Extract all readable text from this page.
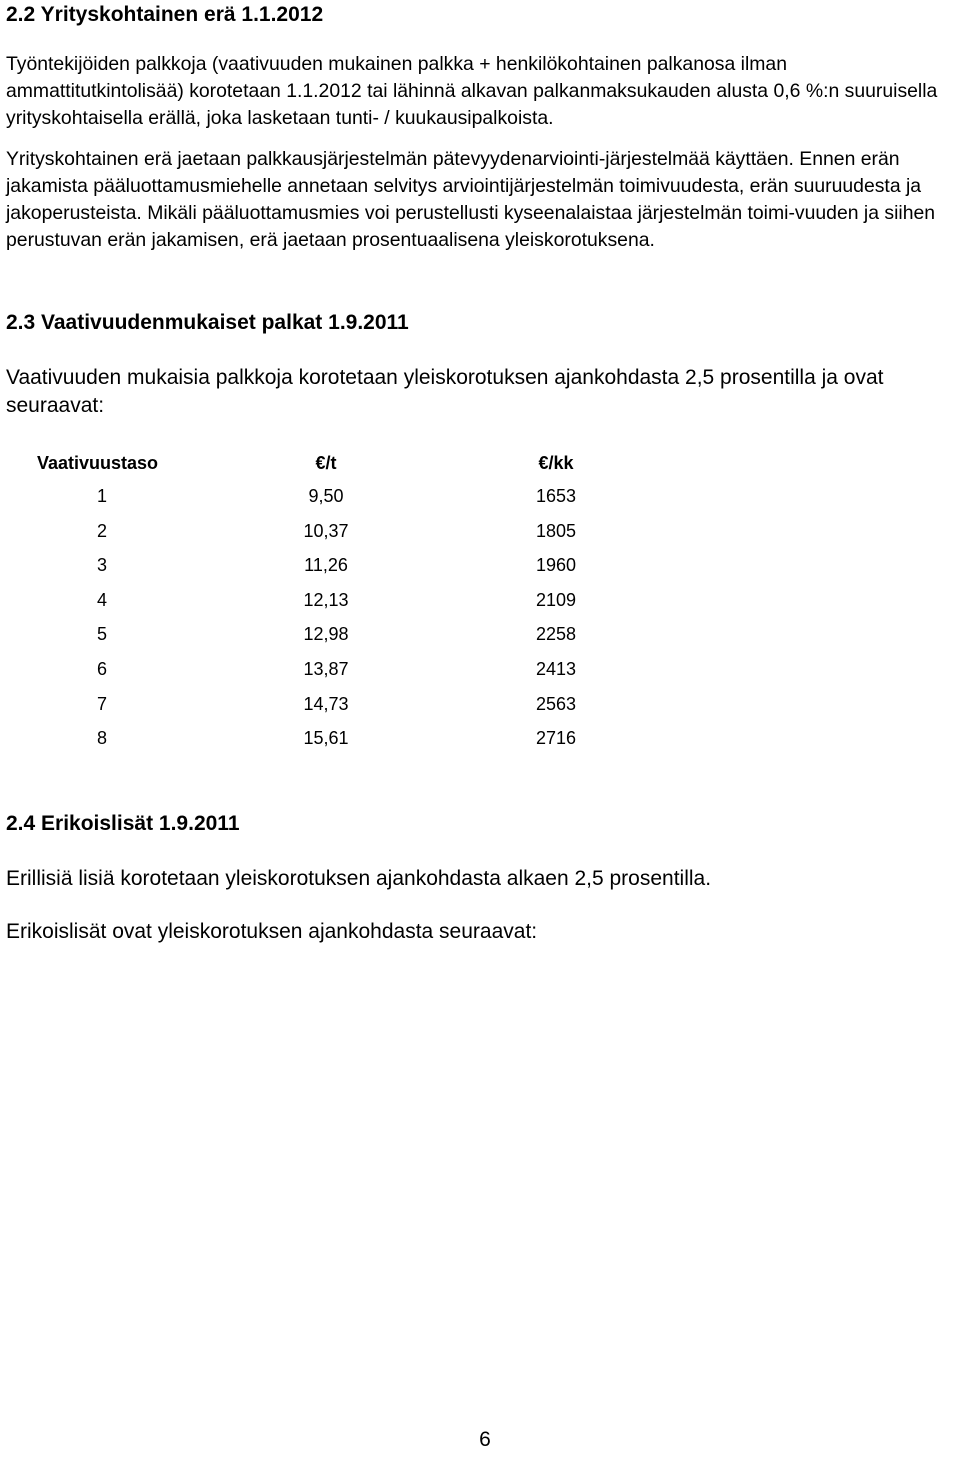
2.2 Yrityskohtainen erä 1.1.2012

Työntekijöiden palkkoja (vaativuuden mukainen palkka + henkilökohtainen palkanosa ilman ammattitutkintolisää) korotetaan 1.1.2012 tai lähinnä alkavan palkanmaksukauden alusta 0,6 %:n suuruisella yrityskohtaisella erällä, joka lasketaan tunti- / kuukausipalkoista.

Yrityskohtainen erä jaetaan palkkausjärjestelmän pätevyydenarviointi-järjestelmää käyttäen. Ennen erän jakamista pääluottamusmiehelle annetaan selvitys arviointijärjestelmän toimivuudesta, erän suuruudesta ja jakoperusteista. Mikäli pääluottamusmies voi perustellusti kyseenalaistaa järjestelmän toimi-vuuden ja siihen perustuvan erän jakamisen, erä jaetaan prosentuaalisena yleiskorotuksena.

2.3 Vaativuudenmukaiset palkat 1.9.2011

Vaativuuden mukaisia palkkoja korotetaan yleiskorotuksen ajankohdasta 2,5 prosentilla ja ovat seuraavat:

Vaativuustaso	€/t	€/kk
1	9,50	1653
2	10,37	1805
3	11,26	1960
4	12,13	2109
5	12,98	2258
6	13,87	2413
7	14,73	2563
8	15,61	2716
2.4 Erikoislisät 1.9.2011

Erillisiä lisiä korotetaan yleiskorotuksen ajankohdasta alkaen 2,5 prosentilla.

Erikoislisät ovat yleiskorotuksen ajankohdasta seuraavat:

6
